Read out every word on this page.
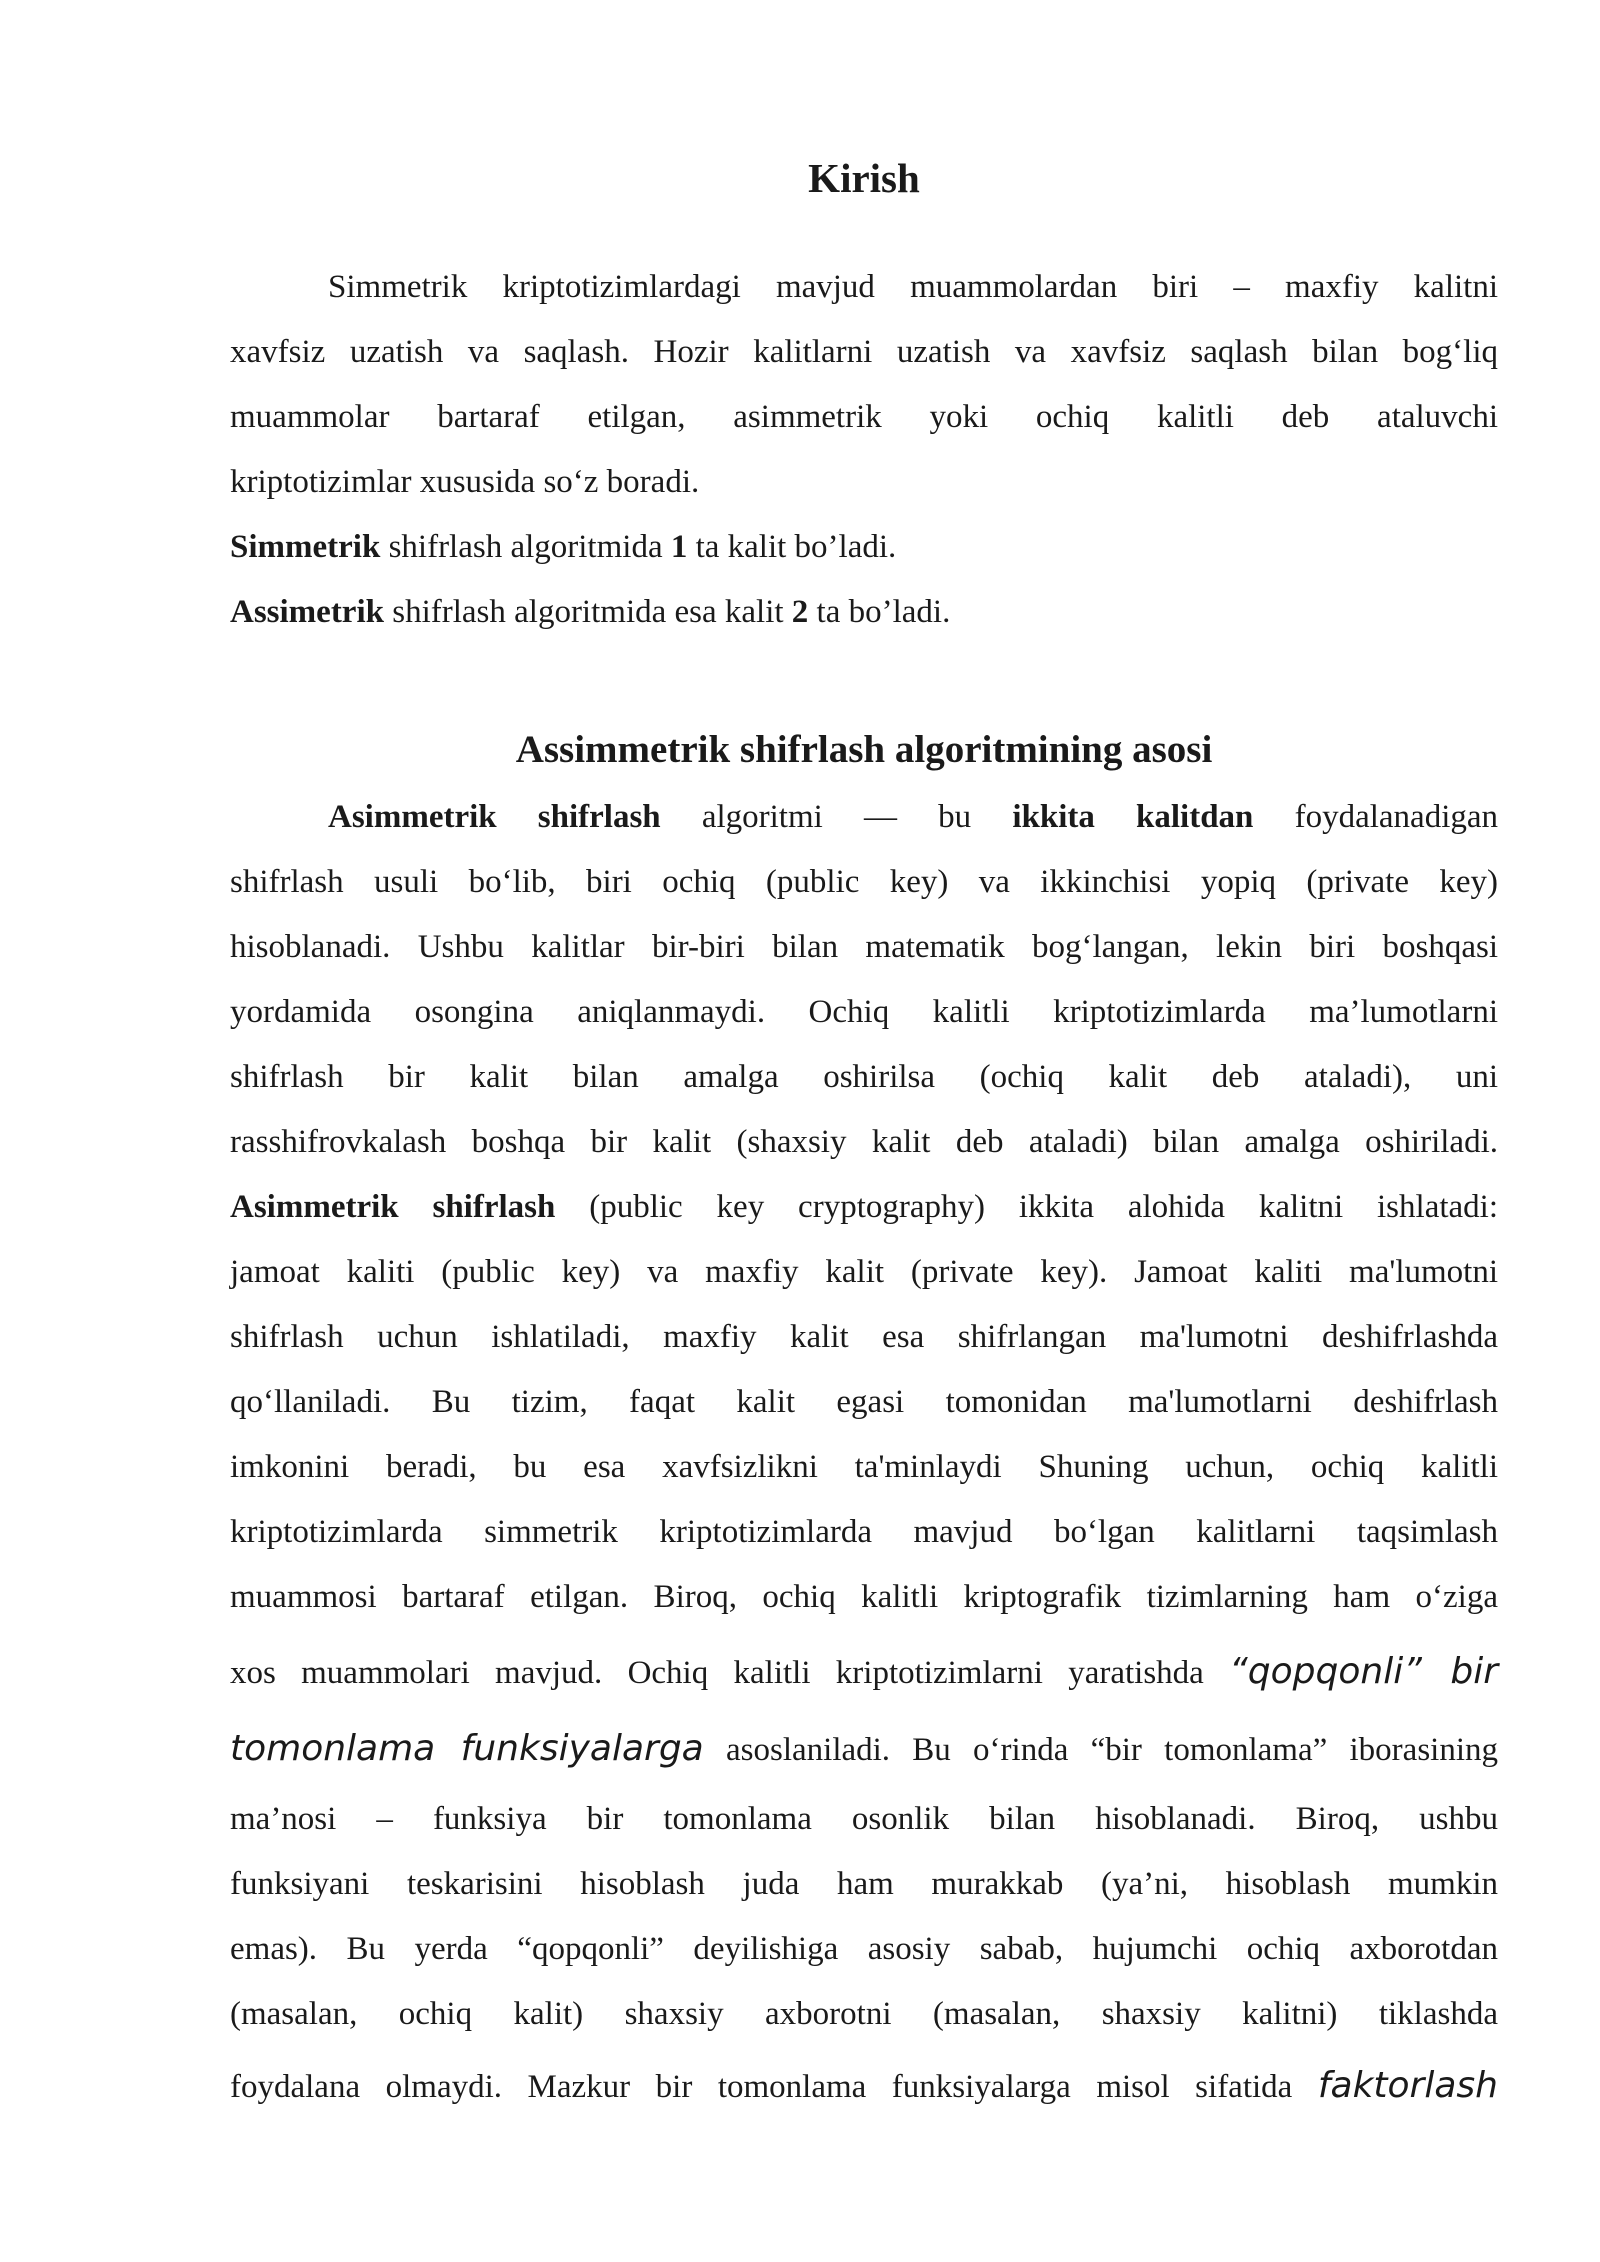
Kirish

Simmetrik kriptotizimlardagi mavjud muammolardan biri – maxfiy kalitni

xavfsiz uzatish va saqlash. Hozir kalitlarni uzatish va xavfsiz saqlash bilan bog‘liq

muammolar bartaraf etilgan, asimmetrik yoki ochiq kalitli deb ataluvchi

kriptotizimlar xususida so‘z boradi.

Simmetrik shifrlash algoritmida 1 ta kalit bo’ladi.

Assimetrik shifrlash algoritmida esa kalit 2 ta bo’ladi.

Assimmetrik shifrlash algoritmining asosi

Asimmetrik shifrlash algoritmi — bu ikkita kalitdan foydalanadigan

shifrlash usuli bo‘lib, biri ochiq (public key) va ikkinchisi yopiq (private key)

hisoblanadi. Ushbu kalitlar bir-biri bilan matematik bog‘langan, lekin biri boshqasi

yordamida osongina aniqlanmaydi. Ochiq kalitli kriptotizimlarda ma’lumotlarni

shifrlash bir kalit bilan amalga oshirilsa (ochiq kalit deb ataladi), uni

rasshifrovkalash boshqa bir kalit (shaxsiy kalit deb ataladi) bilan amalga oshiriladi.

Asimmetrik shifrlash (public key cryptography) ikkita alohida kalitni ishlatadi:

jamoat kaliti (public key) va maxfiy kalit (private key). Jamoat kaliti ma'lumotni

shifrlash uchun ishlatiladi, maxfiy kalit esa shifrlangan ma'lumotni deshifrlashda

qo‘llaniladi. Bu tizim, faqat kalit egasi tomonidan ma'lumotlarni deshifrlash

imkonini beradi, bu esa xavfsizlikni ta'minlaydi Shuning uchun, ochiq kalitli

kriptotizimlarda simmetrik kriptotizimlarda mavjud bo‘lgan kalitlarni taqsimlash

muammosi bartaraf etilgan. Biroq, ochiq kalitli kriptografik tizimlarning ham o‘ziga

xos muammolari mavjud. Ochiq kalitli kriptotizimlarni yaratishda “qopqonli” bir

tomonlama funksiyalarga asoslaniladi. Bu o‘rinda “bir tomonlama” iborasining

ma’nosi – funksiya bir tomonlama osonlik bilan hisoblanadi. Biroq, ushbu

funksiyani teskarisini hisoblash juda ham murakkab (ya’ni, hisoblash mumkin

emas). Bu yerda “qopqonli” deyilishiga asosiy sabab, hujumchi ochiq axborotdan

(masalan, ochiq kalit) shaxsiy axborotni (masalan, shaxsiy kalitni) tiklashda

foydalana olmaydi. Mazkur bir tomonlama funksiyalarga misol sifatida faktorlash
